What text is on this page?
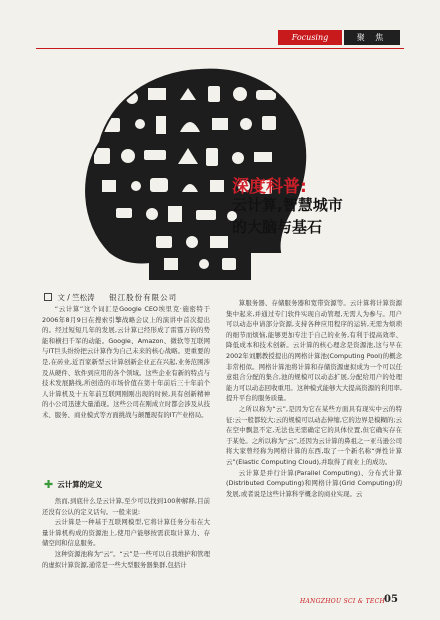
Focusing	聚 焦
深度科普:
云计算,智慧城市
的大脑与基石
文 / 竺松涛 银江股份有限公司

“云计算”这个词汇是Google CEO埃里克·施密特于2006年8月9日在搜索引擎战略会议上的演讲中首次提出的。经过短短几年的发展,云计算已经形成了雷霆万钧的势能和横扫千军的动能。Google、Amazon、微软等互联网与IT巨头纷纷把云计算作为自己未来的核心战略。更重要的是,在砖业,近百家新型云计算创新企业正在兴起,业务范围涉及从硬件、软件到应用的各个领域。这些企业有新的特点与技术发展路线,所创造的市场价值在第十年前后三十年前个人计算机及十五年前互联网刚刚出现的时候,具有创新精神的小公司迅速大量涌现。这些公司在刚成立时都会涉及从技术、服务、商业模式等方面挑战与颠覆现有的IT产业格局。

✚ 云计算的定义

然而,到底什么是云计算,至少可以找到100种解释,目前还没有公认的定义话句。一般来说:

云计算是一种基于互联网模型,它将计算任务分布在大量计算机构成的资源池上,使用户能够按需获取计算力、存储空间和信息服务。

这种资源池称为“云”。“云”是一些可以自我维护和管理的虚拟计算资源,通常是一些大型服务器集群,包括计

算服务器、存储服务器和宽带资源等。云计算将计算资源集中起来,并通过专门软件实现自动管理,无需人为参与。用户可以动态申请部分资源,支持各种应用程序的运转,无需为烦琐的细节而烦恼,能够更加专注于自己的业务,有利于提高效率、降低成本和技术创新。云计算的核心理念是资源池,这与早在2002年刘鹏教授提出的网格计算池(Computing Pool)的概念非常相似。网格计算池将计算和存储资源虚拟成为一个可以任意组合分配的集合,池的规模可以动态扩展,分配给用户的处理能力可以动态回收重用。这种模式能够大大提高资源的利用率,提升平台的服务质量。

之所以称为“云”,是因为它在某些方面具有现实中云的特征:云一般都较大;云的规模可以动态伸缩,它的边界是模糊的;云在空中飘忽不定,无法也无需确定它的具体位置,但它确实存在于某处。之所以称为“云”,还因为云计算的鼻祖之一亚马逊公司将大家曾经称为网格计算的东西,取了一个新名称“弹性计算云”(Elastic Computing Cloud),并取得了商业上的成功。

云计算是并行计算(Parallel Computing)、分布式计算(Distributed Computing)和网格计算(Grid Computing)的发展,或者说是这些计算科学概念的商业实现。云

HANGZHOU SCI & TECH
05
